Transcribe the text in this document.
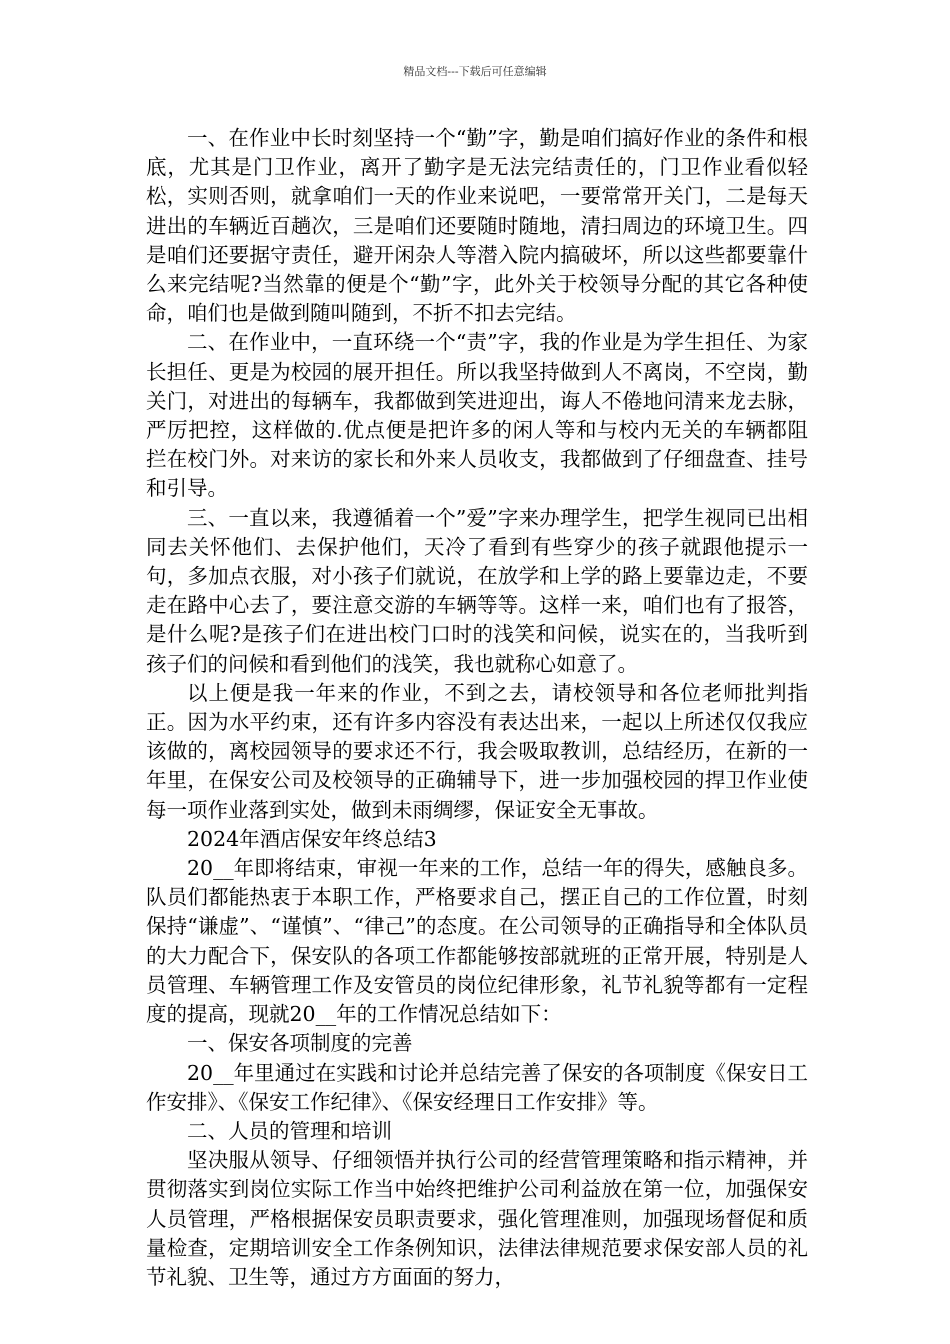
精品文档---下载后可任意编辑

一、在作业中长时刻坚持一个“勤”字，勤是咱们搞好作业的条件和根底，尤其是门卫作业，离开了勤字是无法完结责任的，门卫作业看似轻松，实则否则，就拿咱们一天的作业来说吧，一要常常开关门，二是每天进出的车辆近百趟次，三是咱们还要随时随地，清扫周边的环境卫生。四是咱们还要据守责任，避开闲杂人等潜入院内搞破坏，所以这些都要靠什么来完结呢?当然靠的便是个“勤”字，此外关于校领导分配的其它各种使命，咱们也是做到随叫随到，不折不扣去完结。

二、在作业中，一直环绕一个“责”字，我的作业是为学生担任、为家长担任、更是为校园的展开担任。所以我坚持做到人不离岗，不空岗，勤关门，对进出的每辆车，我都做到笑进迎出，诲人不倦地问清来龙去脉，严厉把控，这样做的.优点便是把许多的闲人等和与校内无关的车辆都阻拦在校门外。对来访的家长和外来人员收支，我都做到了仔细盘查、挂号和引导。

三、一直以来，我遵循着一个”爱”字来办理学生，把学生视同已出相同去关怀他们、去保护他们，天冷了看到有些穿少的孩子就跟他提示一句，多加点衣服，对小孩子们就说，在放学和上学的路上要靠边走，不要走在路中心去了，要注意交游的车辆等等。这样一来，咱们也有了报答，是什么呢?是孩子们在进出校门口时的浅笑和问候，说实在的，当我听到孩子们的问候和看到他们的浅笑，我也就称心如意了。

以上便是我一年来的作业，不到之去，请校领导和各位老师批判指正。因为水平约束，还有许多内容没有表达出来，一起以上所述仅仅我应该做的，离校园领导的要求还不行，我会吸取教训，总结经历，在新的一年里，在保安公司及校领导的正确辅导下，进一步加强校园的捍卫作业使每一项作业落到实处，做到未雨绸缪，保证安全无事故。

2024年酒店保安年终总结3

20__年即将结束，审视一年来的工作，总结一年的得失，感触良多。队员们都能热衷于本职工作，严格要求自己，摆正自己的工作位置，时刻保持“谦虚”、“谨慎”、“律己”的态度。在公司领导的正确指导和全体队员的大力配合下，保安队的各项工作都能够按部就班的正常开展，特别是人员管理、车辆管理工作及安管员的岗位纪律形象，礼节礼貌等都有一定程度的提高，现就20__年的工作情况总结如下：

一、保安各项制度的完善

20__年里通过在实践和讨论并总结完善了保安的各项制度《保安日工作安排》、《保安工作纪律》、《保安经理日工作安排》等。

二、人员的管理和培训

坚决服从领导、仔细领悟并执行公司的经营管理策略和指示精神，并贯彻落实到岗位实际工作当中始终把维护公司利益放在第一位，加强保安人员管理，严格根据保安员职责要求，强化管理准则，加强现场督促和质量检查，定期培训安全工作条例知识，法律法律规范要求保安部人员的礼节礼貌、卫生等，通过方方面面的努力，
